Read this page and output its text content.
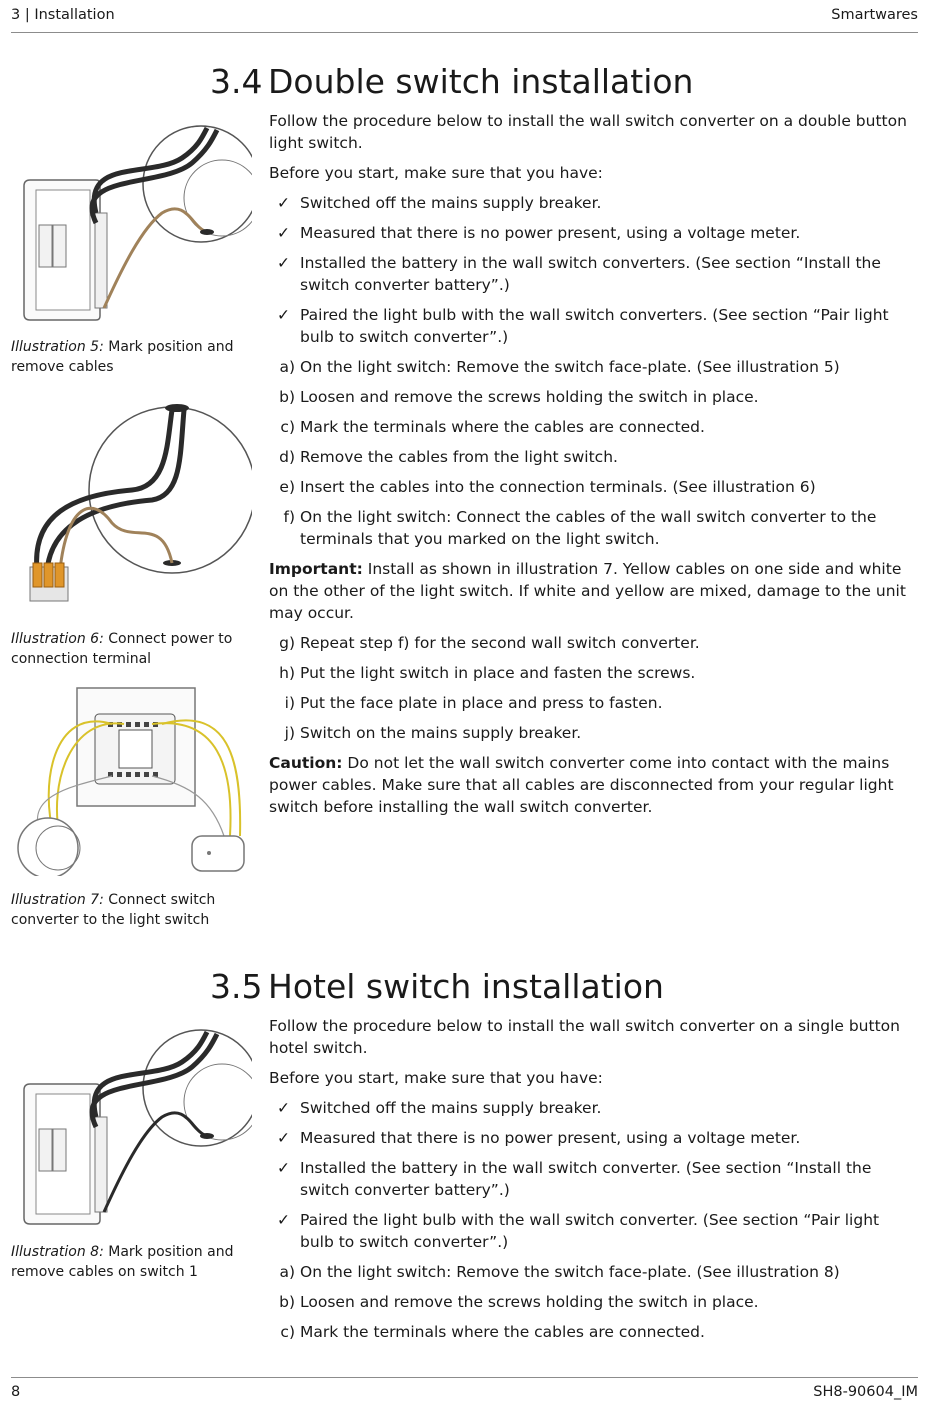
3 | Installation	Smartwares
3.4 Double switch installation

Follow the procedure below to install the wall switch converter on a double button light switch.

Before you start, make sure that you have:

✓ Switched off the mains supply breaker.
✓ Measured that there is no power present, using a voltage meter.
✓ Installed the battery in the wall switch converters. (See section “Install the switch converter battery”.)
✓ Paired the light bulb with the wall switch converters. (See section “Pair light bulb to switch converter”.)
a) On the light switch: Remove the switch face-plate. (See illustration 5)
b) Loosen and remove the screws holding the switch in place.
c) Mark the terminals where the cables are connected.
d) Remove the cables from the light switch.
e) Insert the cables into the connection terminals. (See illustration 6)
f) On the light switch: Connect the cables of the wall switch converter to the terminals that you marked on the light switch.

Important: Install as shown in illustration 7. Yellow cables on one side and white on the other of the light switch. If white and yellow are mixed, damage to the unit may occur.

g) Repeat step f) for the second wall switch converter.
h) Put the light switch in place and fasten the screws.
i) Put the face plate in place and press to fasten.
j) Switch on the mains supply breaker.

Caution: Do not let the wall switch converter come into contact with the mains power cables. Make sure that all cables are disconnected from your regular light switch before installing the wall switch converter.

Illustration 5: Mark position and remove cables
Illustration 6: Connect power to connection terminal
Illustration 7: Connect switch converter to the light switch
3.5 Hotel switch installation

Follow the procedure below to install the wall switch converter on a single button hotel switch.

Before you start, make sure that you have:

✓ Switched off the mains supply breaker.
✓ Measured that there is no power present, using a voltage meter.
✓ Installed the battery in the wall switch converter. (See section “Install the switch converter battery”.)
✓ Paired the light bulb with the wall switch converter. (See section “Pair light bulb to switch converter”.)
a) On the light switch: Remove the switch face-plate. (See illustration 8)
b) Loosen and remove the screws holding the switch in place.
c) Mark the terminals where the cables are connected.
Illustration 8: Mark position and remove cables on switch 1
8	SH8-90604_IM
